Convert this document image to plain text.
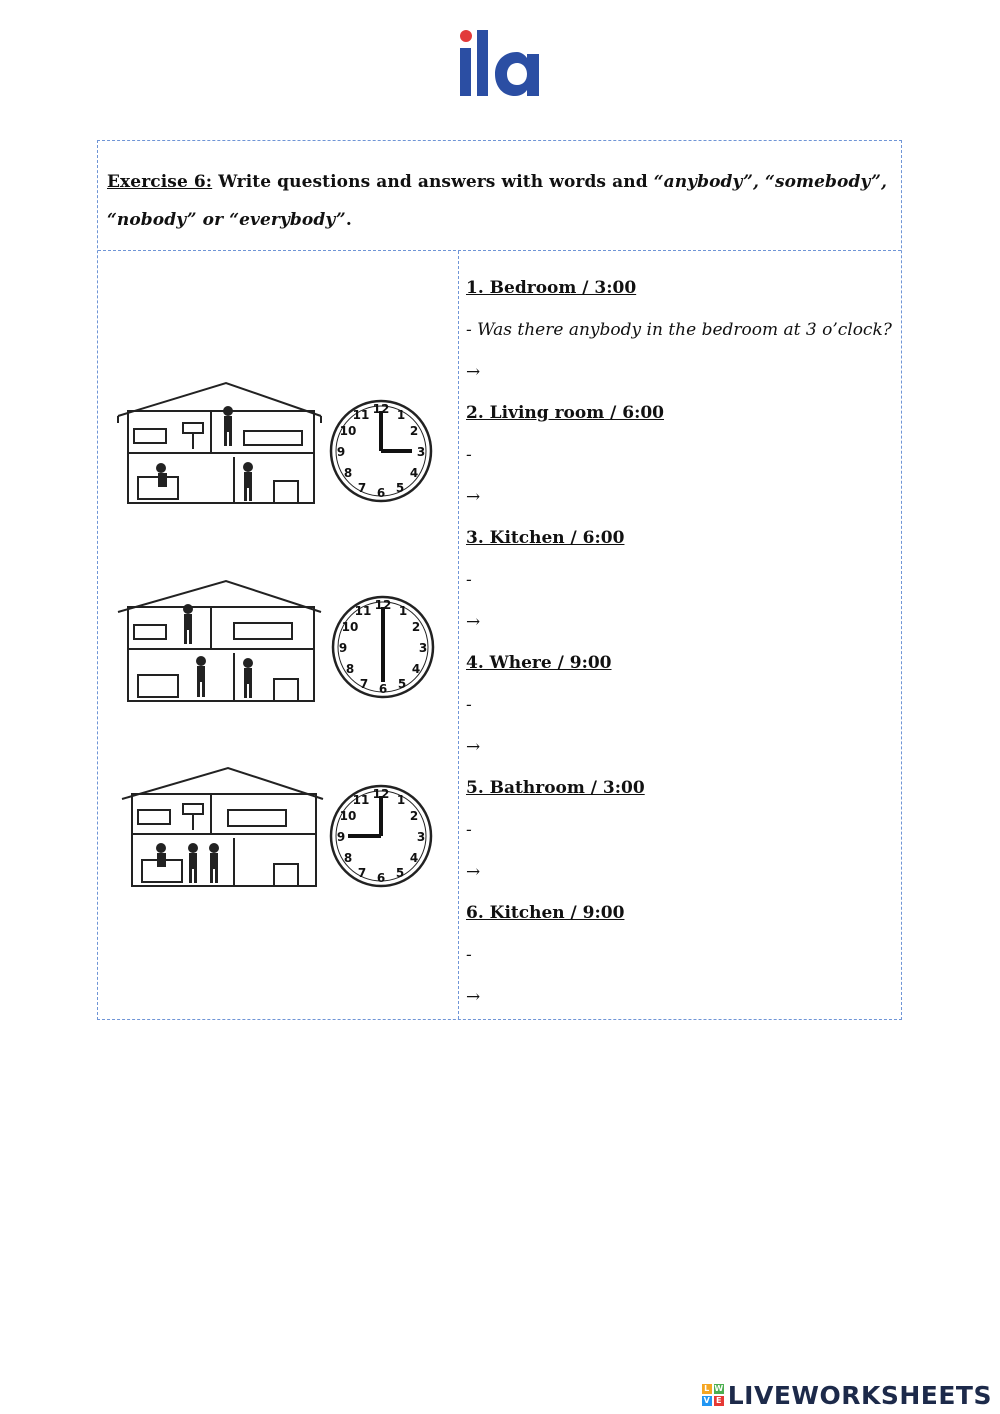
Exercise 6: Write questions and answers with words and “anybody”, “somebody”,
“nobody” or “everybody”.
12 1
2
3
4
5
6
7
8
9
10
11
12 1
2
3
4
5
6
7
8
9
10
11
12 1
2
3
4
5
6
7
8
9
10
11
1. Bedroom / 3:00
- Was there anybody in the bedroom at 3 o’clock?
→
2. Living room / 6:00
-
→
3. Kitchen / 6:00
-
→
4. Where / 9:00
-
→
5. Bathroom / 3:00
-
→
6. Kitchen / 9:00
-
→
L W
V E LIVEWORKSHEETS
